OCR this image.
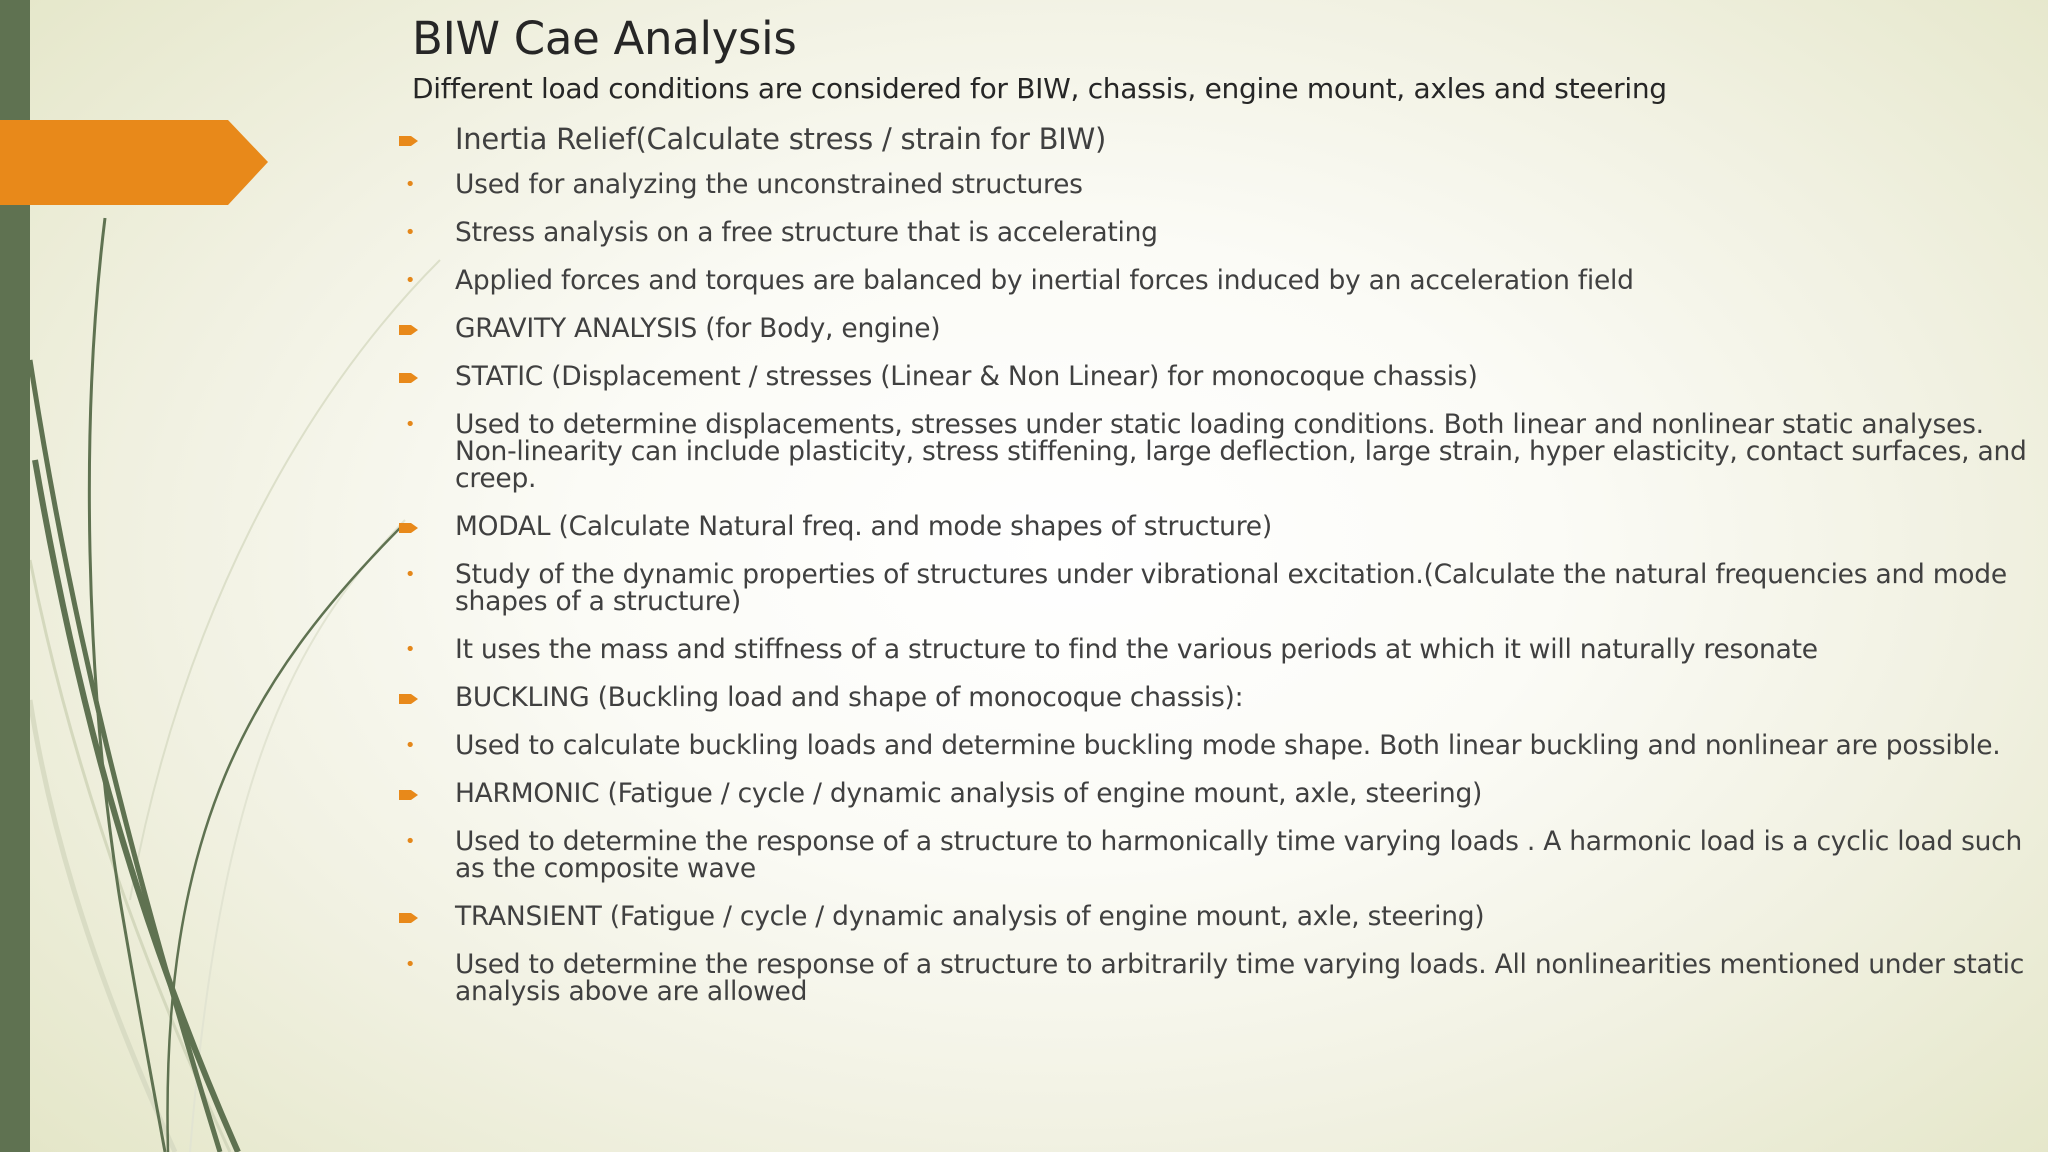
BIW Cae Analysis

Different load conditions are considered for BIW, chassis, engine mount, axles and steering

Inertia Relief(Calculate stress / strain for BIW)
• Used for analyzing the unconstrained structures
• Stress analysis on a free structure that is accelerating
• Applied forces and torques are balanced by inertial forces induced by an acceleration field
GRAVITY ANALYSIS (for Body, engine)
STATIC (Displacement / stresses (Linear & Non Linear) for monocoque chassis)
• Used to determine displacements, stresses under static loading conditions. Both linear and nonlinear static analyses. Non-linearity can include plasticity, stress stiffening, large deflection, large strain, hyper elasticity, contact surfaces, and creep.
MODAL (Calculate Natural freq. and mode shapes of structure)
• Study of the dynamic properties of structures under vibrational excitation.(Calculate the natural frequencies and mode shapes of a structure)
• It uses the mass and stiffness of a structure to find the various periods at which it will naturally resonate
BUCKLING (Buckling load and shape of monocoque chassis):
• Used to calculate buckling loads and determine buckling mode shape. Both linear buckling and nonlinear are possible.
HARMONIC (Fatigue / cycle / dynamic analysis of engine mount, axle, steering)
• Used to determine the response of a structure to harmonically time varying loads . A harmonic load is a cyclic load such as the composite wave
TRANSIENT (Fatigue / cycle / dynamic analysis of engine mount, axle, steering)
• Used to determine the response of a structure to arbitrarily time varying loads. All nonlinearities mentioned under static analysis above are allowed
